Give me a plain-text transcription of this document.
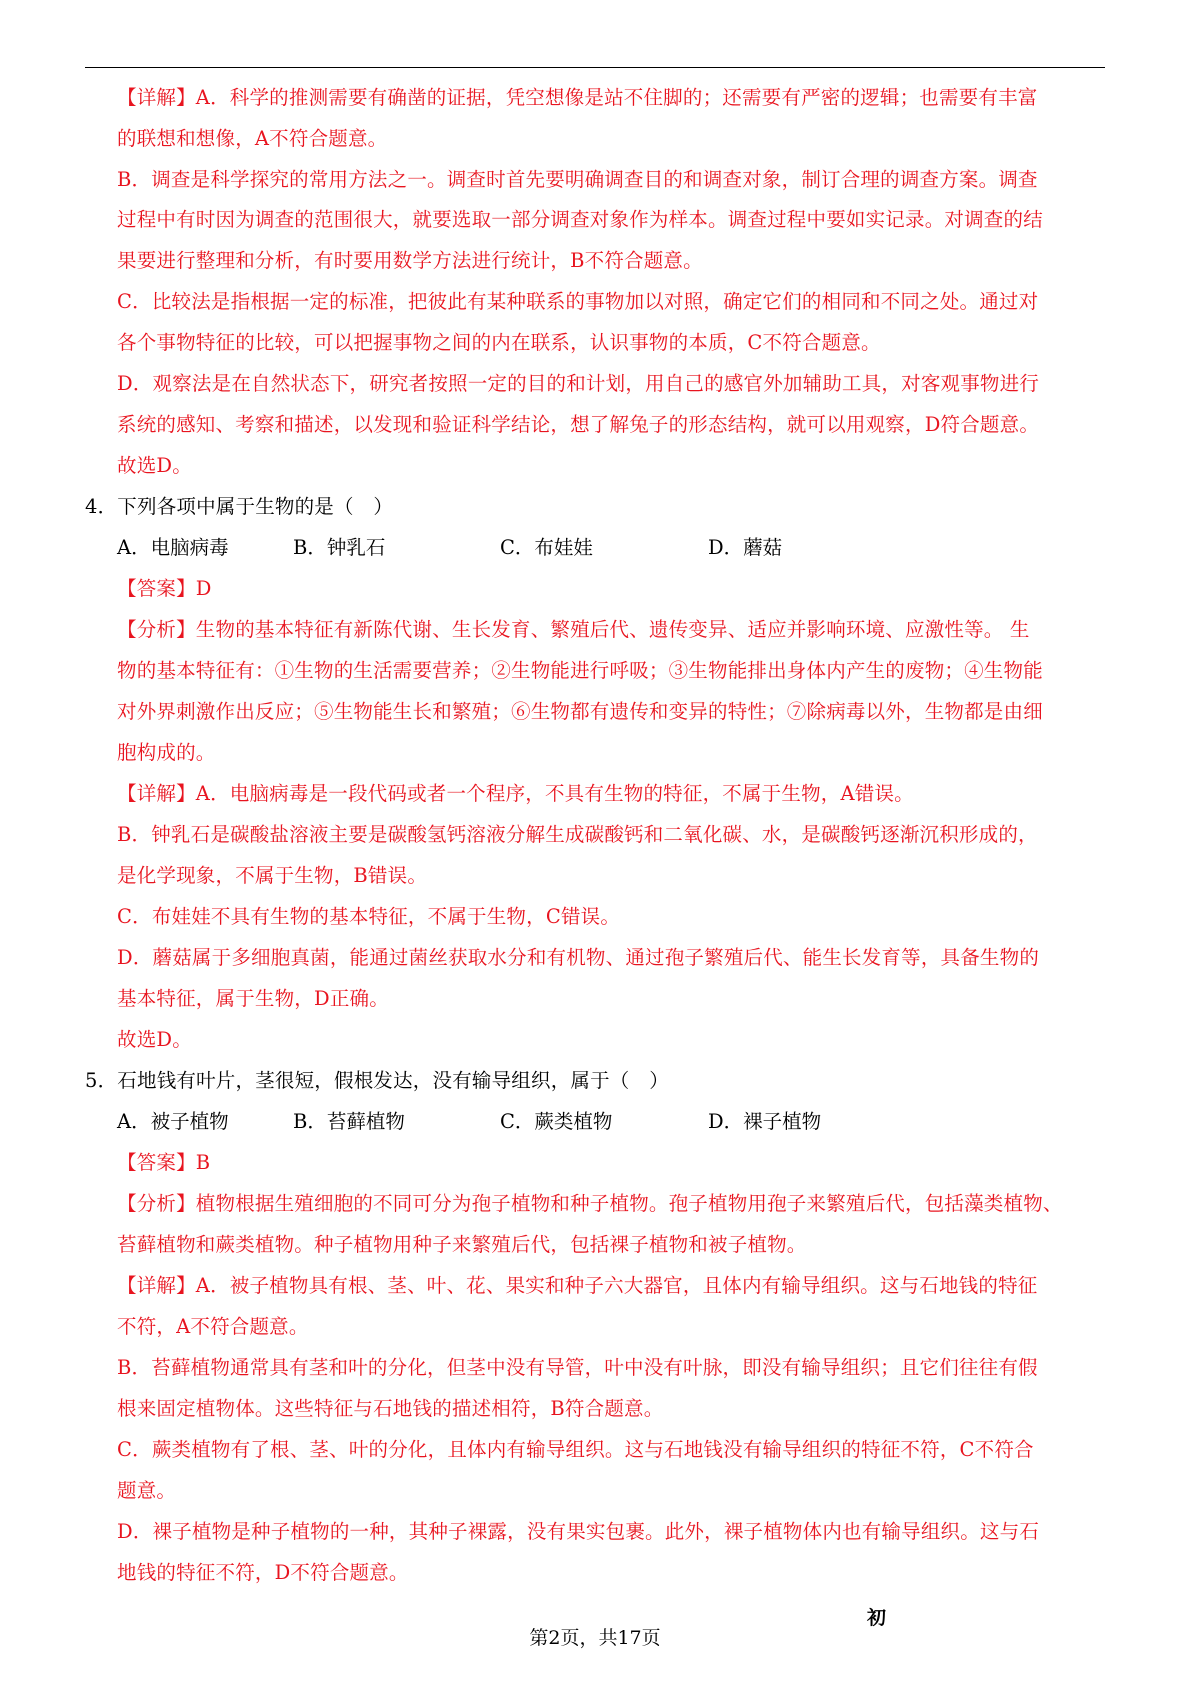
【详解】A．科学的推测需要有确凿的证据，凭空想像是站不住脚的；还需要有严密的逻辑；也需要有丰富
的联想和想像，A不符合题意。
B．调查是科学探究的常用方法之一。调查时首先要明确调查目的和调查对象，制订合理的调查方案。调查
过程中有时因为调查的范围很大，就要选取一部分调查对象作为样本。调查过程中要如实记录。对调查的结
果要进行整理和分析，有时要用数学方法进行统计，B不符合题意。
C．比较法是指根据一定的标准，把彼此有某种联系的事物加以对照，确定它们的相同和不同之处。通过对
各个事物特征的比较，可以把握事物之间的内在联系，认识事物的本质，C不符合题意。
D．观察法是在自然状态下，研究者按照一定的目的和计划，用自己的感官外加辅助工具，对客观事物进行
系统的感知、考察和描述，以发现和验证科学结论，想了解兔子的形态结构，就可以用观察，D符合题意。
故选D。
4．下列各项中属于生物的是（　）
A．电脑病毒	B．钟乳石	C．布娃娃	D．蘑菇
【答案】D
【分析】生物的基本特征有新陈代谢、生长发育、繁殖后代、遗传变异、适应并影响环境、应激性等。 生
物的基本特征有：①生物的生活需要营养；②生物能进行呼吸；③生物能排出身体内产生的废物；④生物能
对外界刺激作出反应；⑤生物能生长和繁殖；⑥生物都有遗传和变异的特性；⑦除病毒以外，生物都是由细
胞构成的。
【详解】A．电脑病毒是一段代码或者一个程序，不具有生物的特征，不属于生物，A错误。
B．钟乳石是碳酸盐溶液主要是碳酸氢钙溶液分解生成碳酸钙和二氧化碳、水，是碳酸钙逐渐沉积形成的，
是化学现象，不属于生物，B错误。
C．布娃娃不具有生物的基本特征，不属于生物，C错误。
D．蘑菇属于多细胞真菌，能通过菌丝获取水分和有机物、通过孢子繁殖后代、能生长发育等，具备生物的
基本特征，属于生物，D正确。
故选D。
5．石地钱有叶片，茎很短，假根发达，没有输导组织，属于（　）
A．被子植物	B．苔藓植物	C．蕨类植物	D．裸子植物
【答案】B
【分析】植物根据生殖细胞的不同可分为孢子植物和种子植物。孢子植物用孢子来繁殖后代，包括藻类植物、
苔藓植物和蕨类植物。种子植物用种子来繁殖后代，包括裸子植物和被子植物。
【详解】A．被子植物具有根、茎、叶、花、果实和种子六大器官，且体内有输导组织。这与石地钱的特征
不符，A不符合题意。
B．苔藓植物通常具有茎和叶的分化，但茎中没有导管，叶中没有叶脉，即没有输导组织；且它们往往有假
根来固定植物体。这些特征与石地钱的描述相符，B符合题意。
C．蕨类植物有了根、茎、叶的分化，且体内有输导组织。这与石地钱没有输导组织的特征不符，C不符合
题意。
D．裸子植物是种子植物的一种，其种子裸露，没有果实包裹。此外，裸子植物体内也有输导组织。这与石
地钱的特征不符，D不符合题意。
初
第2页，共17页
